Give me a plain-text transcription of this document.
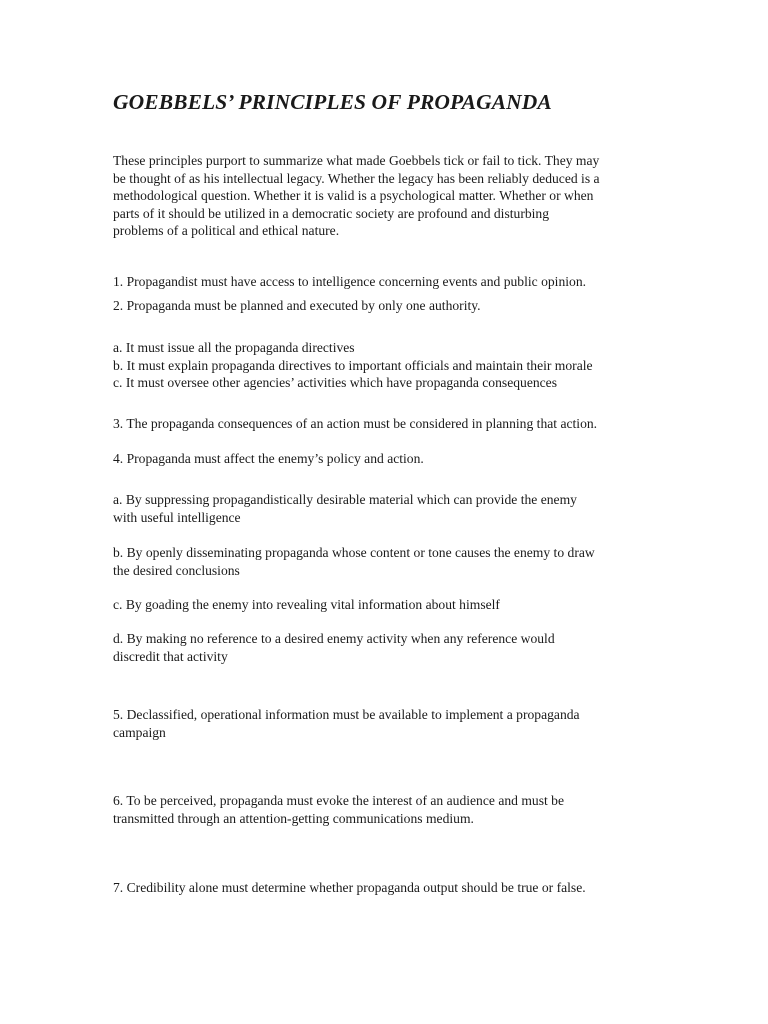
GOEBBELS’ PRINCIPLES OF PROPAGANDA

These principles purport to summarize what made Goebbels tick or fail to tick. They may
be thought of as his intellectual legacy. Whether the legacy has been reliably deduced is a
methodological question. Whether it is valid is a psychological matter. Whether or when
parts of it should be utilized in a democratic society are profound and disturbing
problems of a political and ethical nature.

1. Propagandist must have access to intelligence concerning events and public opinion.

2. Propaganda must be planned and executed by only one authority.

a. It must issue all the propaganda directives
b. It must explain propaganda directives to important officials and maintain their morale
c. It must oversee other agencies’ activities which have propaganda consequences

3. The propaganda consequences of an action must be considered in planning that action.

4. Propaganda must affect the enemy’s policy and action.

a. By suppressing propagandistically desirable material which can provide the enemy
with useful intelligence

b. By openly disseminating propaganda whose content or tone causes the enemy to draw
the desired conclusions

c. By goading the enemy into revealing vital information about himself

d. By making no reference to a desired enemy activity when any reference would
discredit that activity

5. Declassified, operational information must be available to implement a propaganda
campaign

6. To be perceived, propaganda must evoke the interest of an audience and must be
transmitted through an attention-getting communications medium.

7. Credibility alone must determine whether propaganda output should be true or false.
